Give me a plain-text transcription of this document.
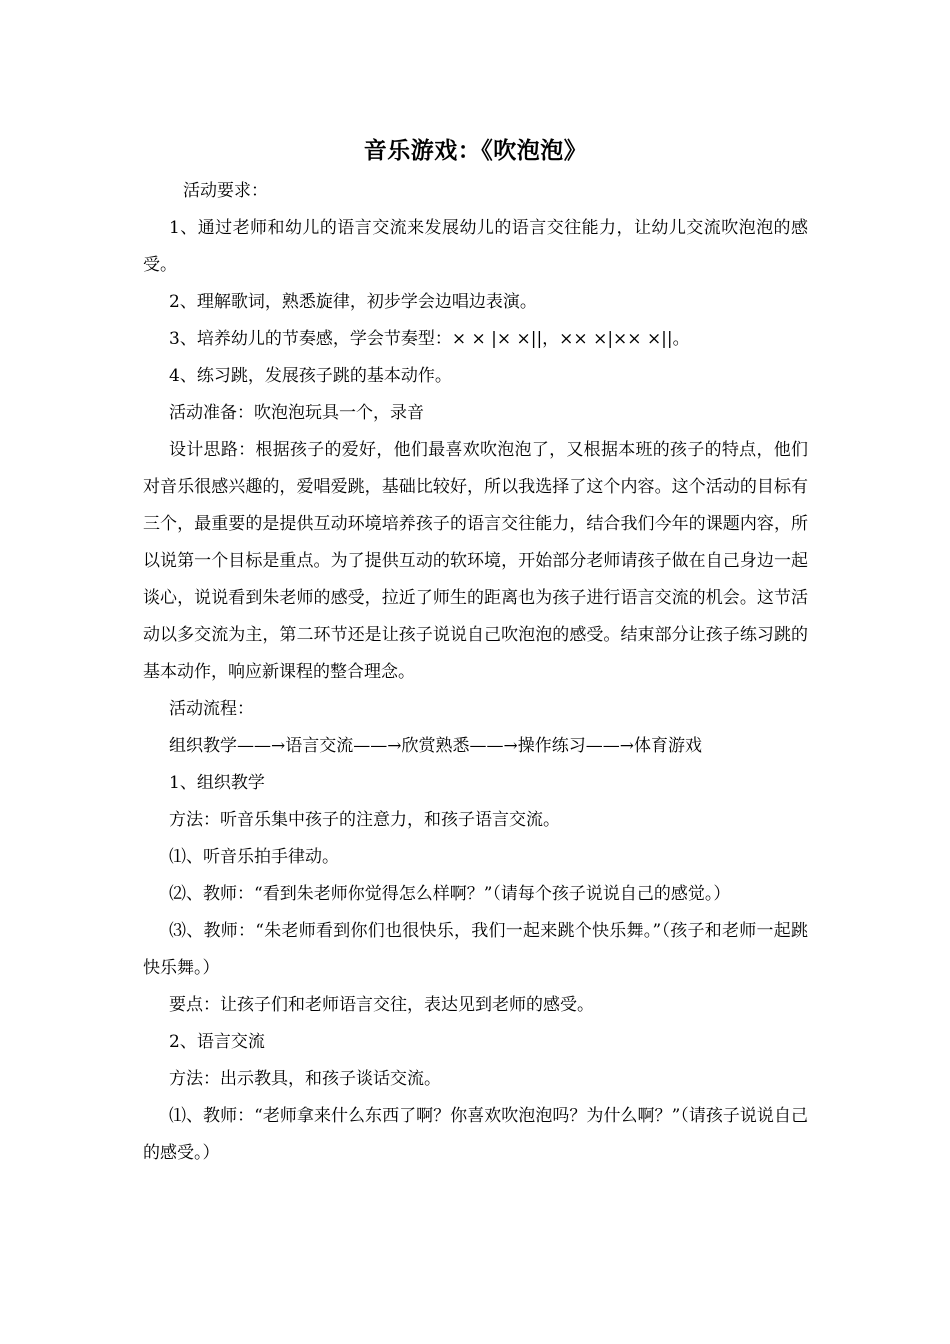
音乐游戏：《吹泡泡》

活动要求：

1、通过老师和幼儿的语言交流来发展幼儿的语言交往能力，让幼儿交流吹泡泡的感受。

2、理解歌词，熟悉旋律，初步学会边唱边表演。

3、培养幼儿的节奏感，学会节奏型：× × |× ×||，×× ×|×× ×||。

4、练习跳，发展孩子跳的基本动作。

活动准备：吹泡泡玩具一个，录音

设计思路：根据孩子的爱好，他们最喜欢吹泡泡了，又根据本班的孩子的特点，他们对音乐很感兴趣的，爱唱爱跳，基础比较好，所以我选择了这个内容。这个活动的目标有三个，最重要的是提供互动环境培养孩子的语言交往能力，结合我们今年的课题内容，所以说第一个目标是重点。为了提供互动的软环境，开始部分老师请孩子做在自己身边一起谈心，说说看到朱老师的感受，拉近了师生的距离也为孩子进行语言交流的机会。这节活动以多交流为主，第二环节还是让孩子说说自己吹泡泡的感受。结束部分让孩子练习跳的基本动作，响应新课程的整合理念。

活动流程：

组织教学——→语言交流——→欣赏熟悉——→操作练习——→体育游戏

1、组织教学

方法：听音乐集中孩子的注意力，和孩子语言交流。

⑴、听音乐拍手律动。

⑵、教师：“看到朱老师你觉得怎么样啊？”（请每个孩子说说自己的感觉。）

⑶、教师：“朱老师看到你们也很快乐，我们一起来跳个快乐舞。”（孩子和老师一起跳快乐舞。）

要点：让孩子们和老师语言交往，表达见到老师的感受。

2、语言交流

方法：出示教具，和孩子谈话交流。

⑴、教师：“老师拿来什么东西了啊？你喜欢吹泡泡吗？为什么啊？”（请孩子说说自己的感受。）
